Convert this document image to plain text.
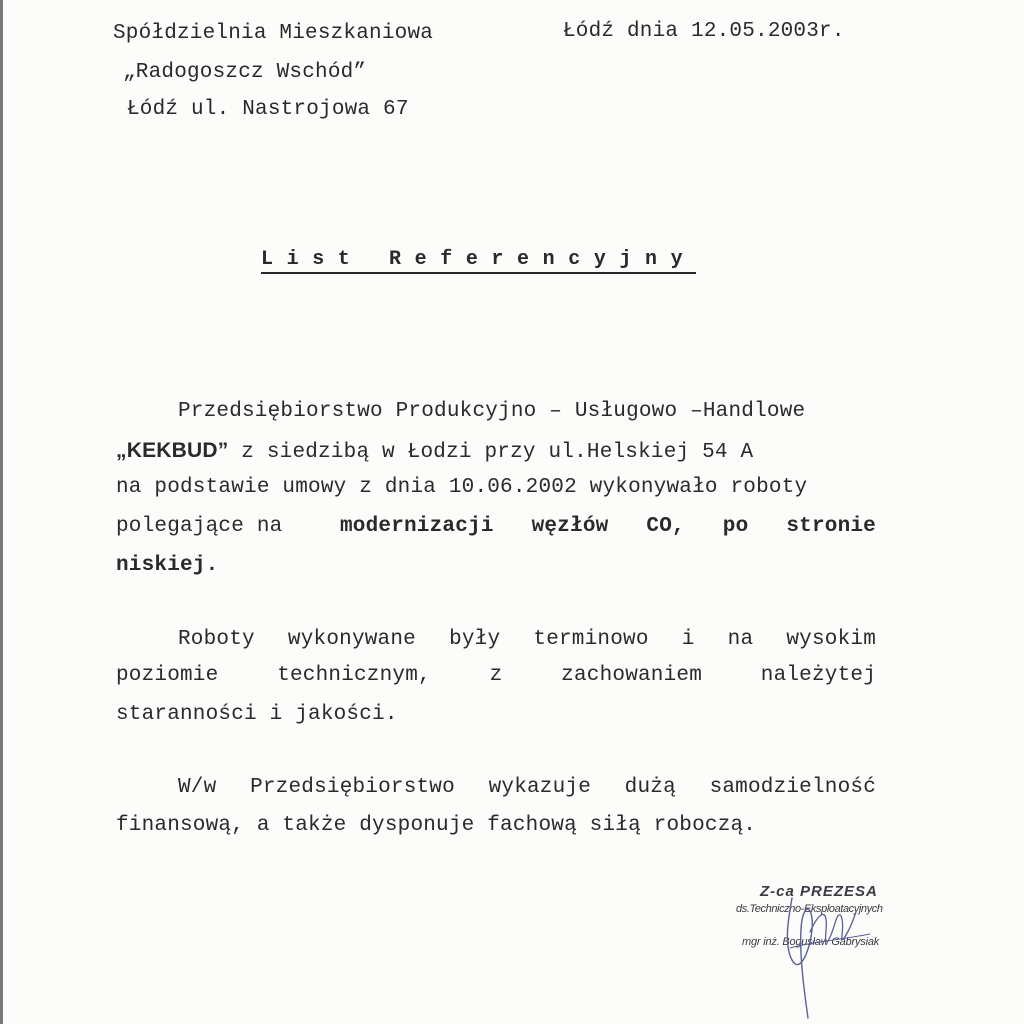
Spółdzielnia Mieszkaniowa
„Radogoszcz Wschód”
Łódź ul. Nastrojowa 67
Łódź dnia 12.05.2003r.
List Referencyjny
Przedsiębiorstwo Produkcyjno – Usługowo –Handlowe
„KEKBUD” z siedzibą w Łodzi przy ul.Helskiej 54 A
na podstawie umowy z dnia 10.06.2002 wykonywało roboty
polegające na	modernizacji węzłów CO, po stronie
niskiej.
Roboty wykonywane były terminowo i na wysokim
poziomie technicznym, z zachowaniem należytej
staranności i jakości.
W/w Przedsiębiorstwo wykazuje dużą samodzielność
finansową, a także dysponuje fachową siłą roboczą.
Z-ca PREZESA
ds.Techniczno-Eksploatacyjnych
mgr inż. Bogusław Gabrysiak
